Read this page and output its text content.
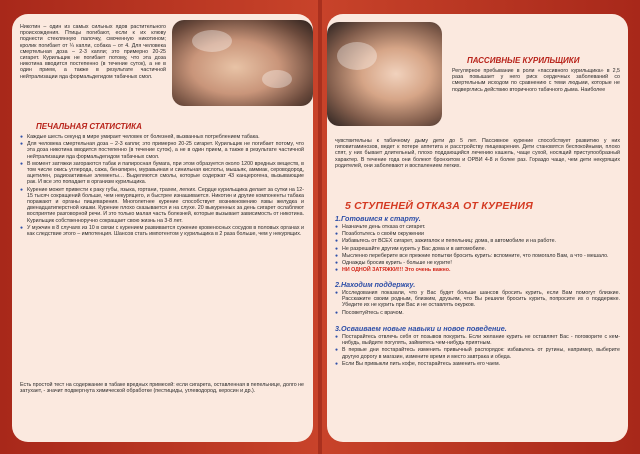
Никотин – один из самых сильных ядов растительного происхождения. Птицы погибают, если к их клюву поднести стеклянную палочку, смоченную никотином; кролик погибает от ¼ капли, собака – от 4. Для человека смертельная доза – 2-3 капли; это примерно 20-25 сигарет. Курильщик не погибает потому, что эта доза никотина вводится постепенно (в течение суток), а не в один прием, а также в результате частичной нейтрализации яда формальдегидом табачных смол.

ПЕЧАЛЬНАЯ СТАТИСТИКА
● Каждые шесть секунд в мире умирает человек от болезней, вызванных потреблением табака.
● Для человека смертельная доза – 2-3 капли; это примерно 20-25 сигарет. Курильщик не погибает потому, что эта доза никотина вводится постепенно (в течение суток), а не в один прием, а также в результате частичной нейтрализации яда формальдегидом табачных смол.
● В момент затяжки загораются табак и папиросная бумага, при этом образуется около 1200 вредных веществ, в том числе окись углерода, сажа, бензпирен, муравьиная и синильная кислоты, мышьяк, аммиак, сероводород, ацетилен, радиоактивные элементы… Выделяются смолы, которые содержат 43 канцерогена, вызывающие рак. И все это попадает в организм курильщика.
● Курение может привести к раку губы, языка, гортани, трахеи, легких. Сердце курильщика делает за сутки на 12-15 тысяч сокращений больше, чем некурящего, и быстрее изнашивается. Никотин и другие компоненты табака поражают и органы пищеварения. Многолетнее курение способствует возникновению язвы желудка и двенадцатиперстной кишки. Курение плохо сказывается и на слухе. 20 выкуренных за день сигарет ослабляют восприятие разговорной речи. И это только малая часть болезней, которые вызывает зависимость от никотина. Курильщик собственноручно сокращает свою жизнь на 3-8 лет.
● У мужчин в 8 случаях из 10 в связи с курением развивается сужение кровеносных сосудов в половых органах и как следствие этого – импотенция. Шансов стать импотентом у курильщика в 2 раза больше, чем у некурящих.

Есть простой тест на содержание в табаке вредных примесей: если сигарета, оставленная в пепельнице, долго не затухает, - значит подвергнута химической обработке (пестициды, углеводород, керосин и др.).

ПАССИВНЫЕ КУРИЛЬЩИКИ

Регулярное пребывание в роли «пассивного курильщика» в 2,5 раза повышает у него риск сердечных заболеваний со смертельным исходом по сравнению с теми людьми, которые не подверглись действию вторичного табачного дыма. Наиболее

чувствительны к табачному дыму дети до 5 лет. Пассивное курение способствует развитию у них гиповитаминозов, ведет к потере аппетита и расстройству пищеварения. Дети становятся беспокойными, плохо спят, у них бывает длительный, плохо поддающийся лечению кашель, чаще сухой, носящий приступообразный характер. В течение года они болеют бронхитом и ОРВИ 4-8 и более раз. Гораздо чаще, чем дети некурящих родителей, они заболевают и воспалением легких.

5 СТУПЕНЕЙ ОТКАЗА ОТ КУРЕНИЯ
1.Готовимся к старту.
● Назначьте день отказа от сигарет.
● Позаботьтесь о своём окружении
● Избавьтесь от ВСЕХ сигарет, зажигалок и пепельниц: дома, в автомобиле и на работе.
● Не разрешайте другим курить у Вас дома и в автомобиле.
● Мысленно переберите все прежние попытки бросить курить: вспомните, что помогало Вам, а что - мешало.
● Однажды бросив курить - больше не курите!
● НИ ОДНОЙ ЗАТЯЖКИ!!! Это очень важно.
2.Находим поддержку.
● Исследования показали, что у Вас будет больше шансов бросить курить, если Вам помогут близкие. Расскажите своим родным, близким, друзьям, что Вы решили бросить курить, попросите их о поддержке. Убедите их не курить при Вас и не оставлять окурков.
● Посоветуйтесь с врачом.
3.Осваиваем новые навыки и новое поведение.
● Постарайтесь отвлечь себя от позывов покурить. Если желание курить не оставляет Вас - поговорите с кем-нибудь, выйдите погулять, займитесь чем-нибудь приятным.
● В первые дни постарайтесь изменить привычный распорядок: избавьтесь от рутины, например, выберите другую дорогу в магазин, измените время и место завтрака и обеда.
● Если Вы привыкли пить кофе, постарайтесь заменить его чаем.
